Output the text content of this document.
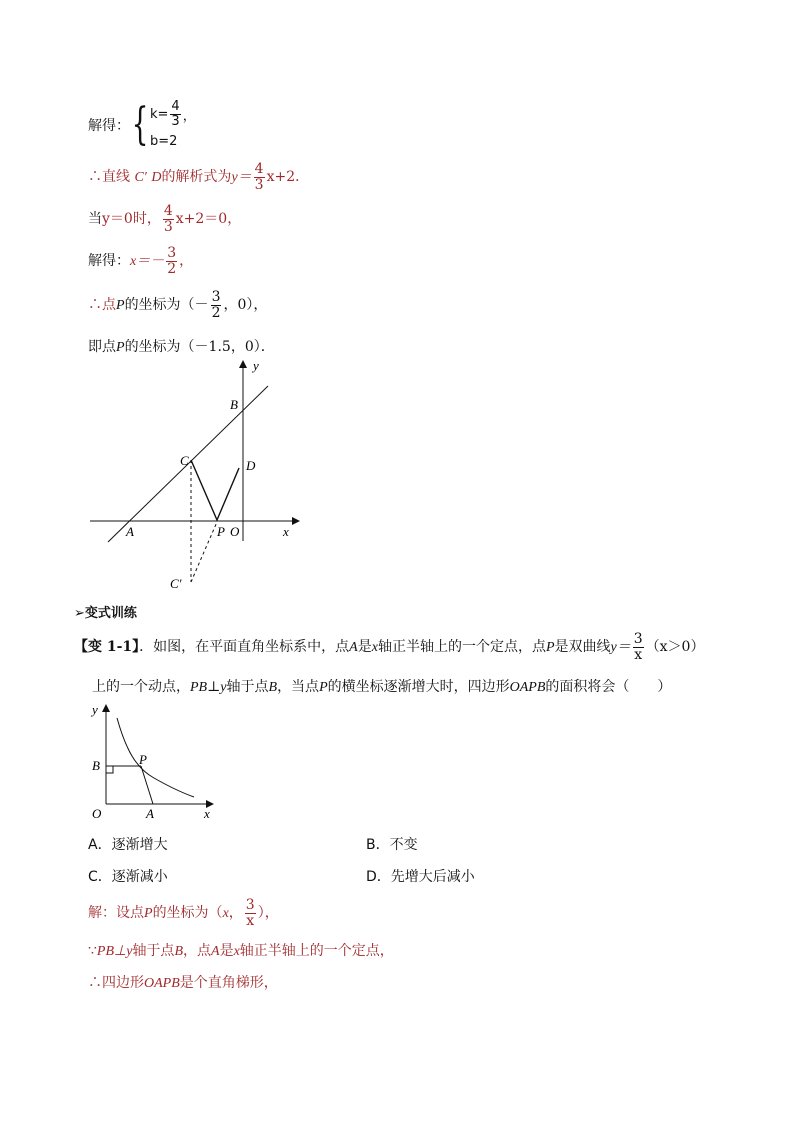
解得： { $k= \frac{4}{3}$ ，
b=2
∴直线 C′ D的解析式为$y= \frac{4}{3} x+2$．
当y＝0时， $\frac{4}{3} x+2=0$，
解得：$x=- \frac{3}{2}$ ，
∴点P的坐标为（－ $\frac{3}{2}$ ，0），
即点P的坐标为（－1.5，0）．
y
x
B
C	D
A	P O
C′
➢变式训练
【变 1-1】．如图，在平面直角坐标系中，点A是x轴正半轴上的一个定点，点P是双曲线$y= \frac{3}{x} (x>0)$
上的一个动点，PB⊥y轴于点B，当点P的横坐标逐渐增大时，四边形OAPB的面积将会（　　）
y
x
B	P
O	A
A．逐渐增大	B．不变
C．逐渐减小	D．先增大后减小
解：设点P的坐标为（x， $\frac{3}{x}$ ），
∵PB⊥y轴于点B，点A是x轴正半轴上的一个定点，
∴四边形OAPB是个直角梯形，
